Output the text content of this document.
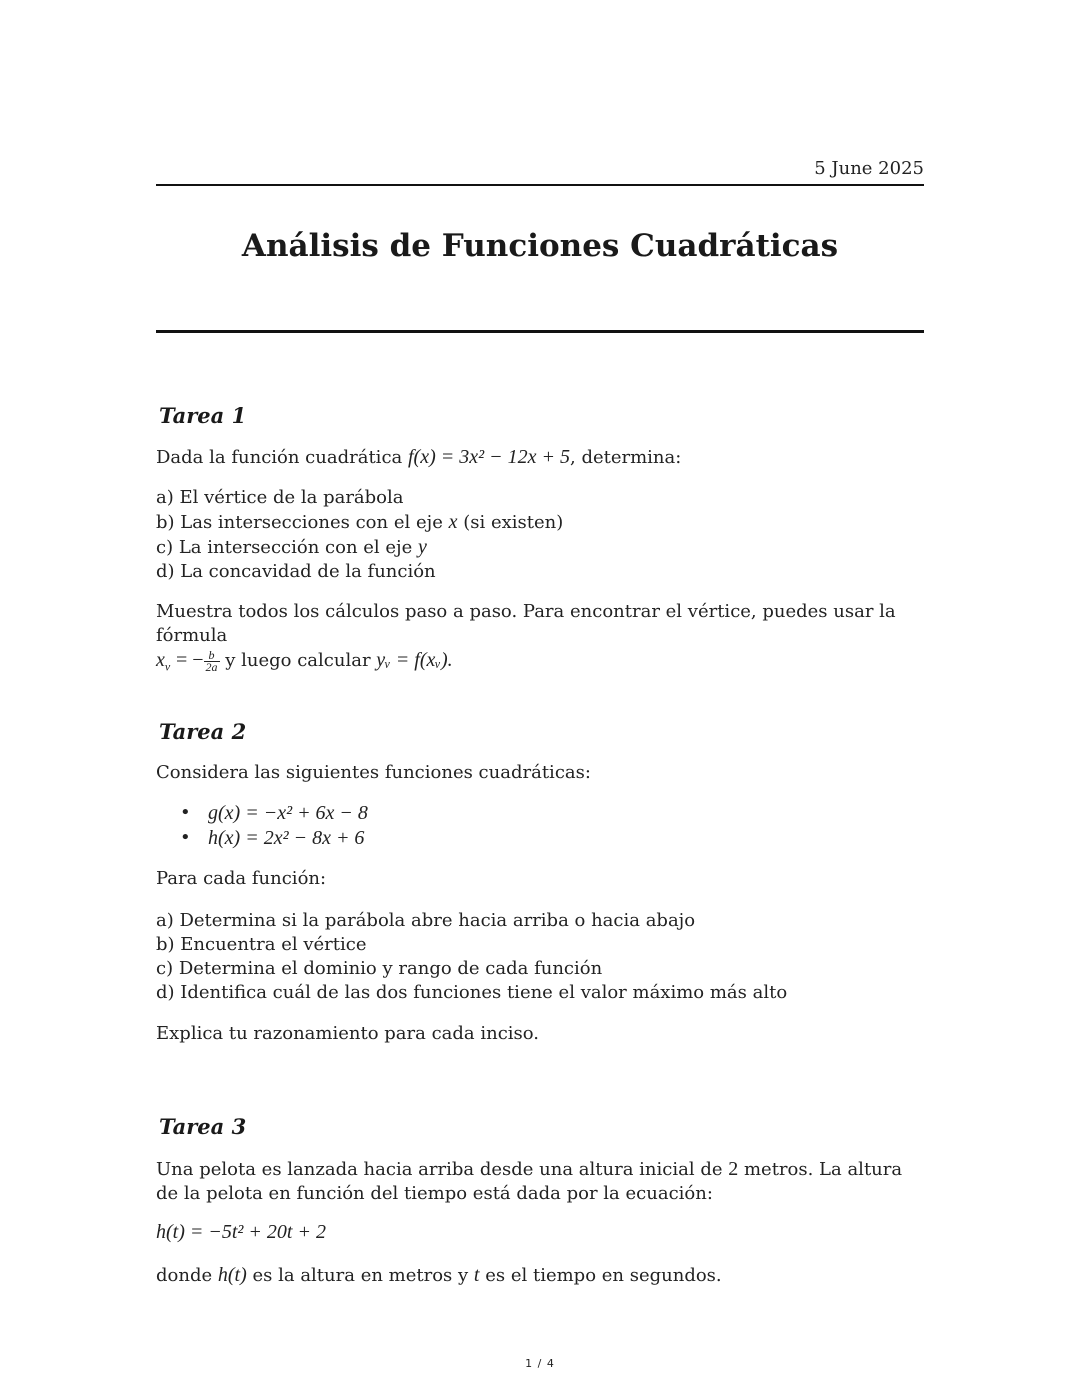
5 June 2025
Análisis de Funciones Cuadráticas
Tarea 1
Dada la función cuadrática f(x) = 3x² − 12x + 5, determina:
a) El vértice de la parábola
b) Las intersecciones con el eje x (si existen)
c) La intersección con el eje y
d) La concavidad de la función
Muestra todos los cálculos paso a paso. Para encontrar el vértice, puedes usar la fórmula
$x_v$ = − $\frac{b}{2a}$ y luego calcular yᵥ = f(xᵥ).
Tarea 2
Considera las siguientes funciones cuadráticas:
• g(x) = −x² + 6x − 8
• h(x) = 2x² − 8x + 6
Para cada función:
a) Determina si la parábola abre hacia arriba o hacia abajo
b) Encuentra el vértice
c) Determina el dominio y rango de cada función
d) Identifica cuál de las dos funciones tiene el valor máximo más alto
Explica tu razonamiento para cada inciso.
Tarea 3
Una pelota es lanzada hacia arriba desde una altura inicial de 2 metros. La altura de la pelota en función del tiempo está dada por la ecuación:
h(t) = −5t² + 20t + 2
donde h(t) es la altura en metros y t es el tiempo en segundos.
1 / 4
